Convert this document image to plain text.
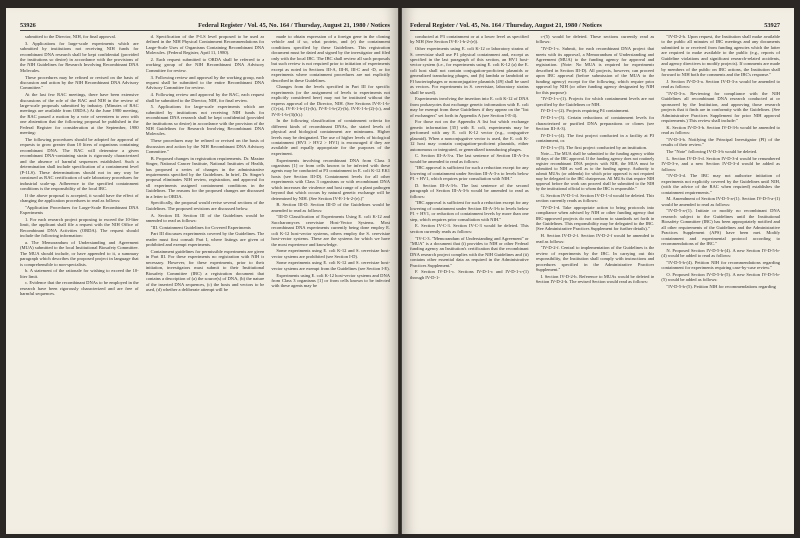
53926	Federal Register / Vol. 45, No. 164 / Thursday, August 21, 1980 / Notices

submitted to the Director, NIH, for final approval.

3. Applications for large-scale experiments which are submitted by institutions not receiving NIH funds for recombinant DNA research shall be kept confidential (provided the institutions so desire) in accordance with the provisions of the NIH Guidelines for Research Involving Recombinant DNA Molecules.

These procedures may be refined or revised on the basis of discussion and action by the NIH Recombinant DNA Advisory Committee."

At the last few RAC meetings, there have been extensive discussions of the role of the RAC and NIH in the review of large-scale proposals submitted by industry. (Minutes of RAC meetings are available from ORDA.) At the June 1980 meeting, the RAC passed a motion by a vote of seventeen to zero with one abstention that the following proposal be published in the Federal Register for consideration at the September, 1980 meeting:

The following procedures should be adopted for approval of requests to grow greater than 10 liters of organisms containing recombinant DNA. The RAC will determine a given recombinant DNA-containing strain is rigorously characterized and the absence of harmful sequences established. Such a determination shall include specification of a containment level (P-1LS). These determinations should not in any way be construed as RAC certification of safe laboratory procedures for industrial scale-up. Adherence to the specified containment conditions is the responsibility of the local IBC.

If the above proposal is accepted, it would have the effect of changing the application procedures to read as follows:

"Application Procedures for Large-Scale Recombinant DNA Experiments

1. For each research project proposing to exceed the 10-liter limit, the applicant shall file a request with the NIH Office of Recombinant DNA Activities (ORDA). The request should include the following information:

a. The Memorandum of Understanding and Agreement (MUA) submitted to the local Institutional Biosafety Committee. The MUA should include, or have appended to it, a summary paragraph which describes the proposed project in language that is comprehensible to non-specialists.

b. A statement of the rationale for wishing to exceed the 10-liter limit.

c. Evidence that the recombinant DNAs to be employed in the research have been rigorously characterized and are free of harmful sequences.

d. Specification of the P-LS level proposed to be used as defined in the NIH Physical Containment Recommendations for Large-Scale Uses of Organisms Containing Recombinant DNA Molecules. (Federal Register, April 11, 1980).

2. Each request submitted to ORDA shall be referred to a working group of the NIH Recombinant DNA Advisory Committee for review.

3. Following review and approval by the working group, each request shall be submitted to the entire Recombinant DNA Advisory Committee for review.

4. Following review and approval by the RAC, each request shall be submitted to the Director, NIH, for final review.

5. Applications for large-scale experiments which are submitted by institutions not receiving NIH funds for recombinant DNA research shall be kept confidential (provided the institutions so desire) in accordance with the provision of the NIH Guidelines for Research Involving Recombinant DNA Molecules.

These procedures may be refined or revised on the basis of discussion and action by the NIH Recombinant DNA Advisory Committee."

B. Proposed changes in registration requirements. Dr. Maxine Singer, National Cancer Institute, National Institutes of Health, has proposed a series of changes in the administrative requirements specified by the Guidelines. In brief, Dr. Singer's proposal eliminates NIH review, registration, and approval for all experiments assigned containment conditions in the Guidelines. The reasons for the proposed changes are discussed in a letter to ORDA.

Specifically, the proposal would revise several sections of the Guidelines. The proposed revisions are discussed below.

A. Section III. Section III of the Guidelines would be amended to read as follows:

"III. Containment Guidelines for Covered Experiments

Part III discusses experiments covered by the Guidelines. The reader must first consult Part I, where listings are given of prohibited and exempt experiments.

Containment guidelines for permissible experiments are given in Part III. For these experiments no registration with NIH is necessary. However, for these experiments, prior to their initiation, investigators must submit to their Institutional Biosafety Committee (IBC) a registration document that contains a description of (a) the source(s) of DNA, (b) the nature of the inserted DNA sequences, (c) the hosts and vectors to be used, (d) whether a deliberate attempt will be

made to obtain expression of a foreign gene in the cloning vehicle and if so, what protein, and (e) the containment conditions specified by these Guidelines. This registration document must be dated and signed by the investigator and filed only with the local IBC. The IBC shall review all such proposals but such review is not required prior to initiation of experiments except as noted in Sections III-A, III-B, III-C and -D, or for experiments where containment procedures are not explicitly described in these Guidelines.

Changes from the levels specified in Part III for specific experiments (or the assignment of levels to experiments not explicitly considered here) may not be instituted without the express approval of the Director, NIH. (See Sections IV-E-1-b-(1)-(a), IV-E-1-b-(1)-(b), IV-E-1-b-(2)-(b), IV-E-1-b-(2)-(c), and IV-E-1-b-(3)(b).)

In the following classification of containment criteria for different kinds of recombinant DNAs, the stated levels of physical and biological containment are minimums. Higher levels may be designated. The use of higher levels of biological containment (HV3 > HV2 > HV1) is encouraged if they are available and equally appropriate for the purposes of the experiment.

Experiments involving recombinant DNA from Class 3 organisms [1] or from cells known to be infected with these agents may be conducted at P3 containment in E. coli K-12 EK1 hosts (see Section III-D). Containment levels for all other experiments with Class 3 organisms or with recombinant DNA which increases the virulence and host range of a plant pathogen beyond that which occurs by natural genetic exchange will be determined by NIH. (See Section IV-E-1-b-2-(e).)"

B. Section III-D. Section III-D of the Guidelines would be amended to read as follows:

"III-D Classification of Experiments Using E. coli K-12 and Saccharomyces cerevisiae Host-Vector Systems. Most recombinant DNA experiments currently being done employ E. coli K-12 host-vector systems, others employ the S. cerevisiae host-vector systems. These are the systems for which we have the most experience and knowledge.

Some experiments using E. coli K-12 and S. cerevisiae host-vector systems are prohibited (see Section I-D).

Some experiments using E. coli K-12 and S. cerevisiae host-vector systems are exempt from the Guidelines (see Section I-E).

Experiments using E. coli K-12 host-vector systems and DNA from Class 3 organisms [1] or from cells known to be infected with these agents may be

Federal Register / Vol. 45, No. 164 / Thursday, August 21, 1980 / Notices	53927

conducted at P3 containment or at a lower level as specified by NIH (See Section IV-E-1-b-2-(e)).

Other experiments using E. coli K-12 or laboratory strains of S. cerevisiae shall use P1 physical containment and, except as specified in the last paragraph of this section, an HV1 host-vector system (i.e., for experiments using E. coli K-12 (a) the E. coli host shall not contain conjugation-proficient plasmids or generalized transducing phages, and (b) lambda or lambdoid or Ff bacteriophages or nonconjugative plasmids [49] shall be used as vectors. For experiments in S. cerevisiae, laboratory strains shall be used).

Experiments involving the insertion into E. coli K-12 of DNA from prokaryotes that exchange genetic information with E. coli may be exempt from these Guidelines if they appear on the "list of exchangers" set forth in Appendix A (see Section I-E-4).

For those not on the Appendix A list but which exchange genetic information [35] with E. coli, experiments may be performed with any E. coli K-12 vector (e.g., conjugative plasmid). When a nonconjugative vector is used, the E. coli K-12 host may contain conjugation-proficient plasmids, either autonomous or integrated, or generalized transducing phages.

C. Section III-A-3-a. The last sentence of Section III-A-3-a would be amended to read as follows:

"IBC approval is sufficient for such a reduction except for any lowering of containment under Section III-A-3-a to levels below P1 + HV1, which requires prior consultation with NIH."

D. Section III-A-3-b. The last sentence of the second paragraph of Section III-A-3-b would be amended to read as follows:

"IBC approval is sufficient for such a reduction except for any lowering of containment under Section III-A-3-b to levels below P1 + HV1, or reduction of containment levels by more than one step, which requires prior consultation with NIH."

E. Section IV-C-3. Section IV-C-3 would be deleted. This section currently reads as follows:

"IV-C-3. "Memorandum of Understanding and Agreement" or "MUA" is a document that (i) provides to NIH or other Federal funding agency an Institution's certification that the recombinant DNA research project complies with the NIH Guidelines and (ii) contains other essential data as required in the Administrative Practices Supplement."

F. Section IV-D-1-c. Sections IV-D-1-c and IV-D-1-c-(1) through IV-D-1-

c-(5) would be deleted. These sections currently read as follows:

"IV-D-1-c. Submit, for each recombinant DNA project that meets with its approval, a Memorandum of Understanding and Agreement (MUA) to the funding agency for approval and registration. (Note: No MUA is required for experiments described in Section III-D). All projects, however, can proceed upon IBC approval (before submission of the MUA to the funding agency) except for the following, which require prior approval by NIH (or other funding agency designated by NIH for this purpose):

"IV-D-1-c-(1). Projects for which containment levels are not specified by the Guidelines or NIH.

IV-D-1-c-(2). Projects requiring P4 containment.

IV-D-1-c-(3). Certain reductions of containment levels for characterized or purified DNA preparations or clones (see Section III-A-3).

IV-D-1-c-(4). The first project conducted in a facility at P3 containment, or.

IV-D-1-c-(5). The first project conducted by an institution.

Note.—The MUA shall be submitted to the funding agency within 30 days of the IBC approval. If the funding agency does not routinely register recombinant DNA projects with NIH, the MUA must be submitted to NIH as well as to the funding agency. Authority to submit MUAs (or addenda) for which prior approval is not required may be delegated to the IBC chairperson. All MUAs that require NIH approval before the work can proceed shall be submitted to the NIH by the institutional official to whom the IBC is responsible."

G. Section IV-D-1-d. Section IV-D-1-d would be deleted. This section currently reads as follows:

"IV-D-1-d. Take appropriate action to bring protocols into compliance when advised by NIH or other funding agency that IBC-approved projects do not conform to standards set forth in the Guidelines. This responsibility may be delegated to the IBC. (See Administrative Practices Supplement for further details)."

H. Section IV-D-2-f. Section IV-D-2-f would be amended to read as follows:

"IV-D-2-f. Central to implementation of the Guidelines is the review of experiments by the IBC. In carrying out this responsibility, the Institution shall comply with instructions and procedures specified in the Administrative Practices Supplement."

I. Section IV-D-2-h. Reference to MUAs would be deleted in Section IV-D-2-h. The revised Section would read as follows:

"IV-D-2-h. Upon request, the Institution shall make available to the public all minutes of IBC meetings and any documents submitted to or received from funding agencies which the latter are required to make available to the public (e.g., reports of Guideline violations and significant research-related accidents, and agency directives to modify projects). If comments are made by members of the public on IBC actions, the Institution shall forward to NIH both the comments and the IBC's response."

J. Section IV-D-3-a. Section IV-D-3-a would be amended to read as follows:

"IV-D-3-a. Reviewing for compliance with the NIH Guidelines all recombinant DNA research conducted at or sponsored by the Institution, and approving those research projects that it finds are in conformity with the Guidelines. (See Administrative Practices Supplement for prior NIH approval requirements.) This review shall include:"

K. Section IV-D-3-b. Section IV-D-3-b would be amended to read as follows:

"IV-D-3-b. Notifying the Principal Investigator (PI) of the results of their review."

The "Note" following IV-D-3-b would be deleted.

L. Section IV-D-3-d. Section IV-D-3-d would be renumbered IV-D-3-e, and a new Section IV-D-3-d would be added as follows:

"IV-D-3-d. The IBC may not authorize initiation of experiments not explicitly covered by the Guidelines until NIH, (with the advice of the RAC when required) establishes the containment requirements."

M. Amendment of Section IV-D-5-a-(1). Section IV-D-5-a-(1) would be amended to read as follows:

"IV-D-5-a-(1). Initiate or modify no recombinant DNA research subject to the Guidelines until the Institutional Biosafety Committee (IBC) has been appropriately notified and all other requirements of the Guidelines and the Administrative Practices Supplement (APS) have been met. Modify containment and experimental protocol according to recommendations of the IBC."

N. Proposed Section IV-D-5-b-(4). A new Section IV-D-5-b-(4) would be added to read as follows:

"IV-D-5-b-(4). Petition NIH for recommendations regarding containment for experiments requiring case-by-case review."

O. Proposed Section IV-D-5-b-(5). A new Section IV-D-5-b-(5) would be added as follows:

"IV-D-5-b-(5). Petition NIH for recommendations regarding
